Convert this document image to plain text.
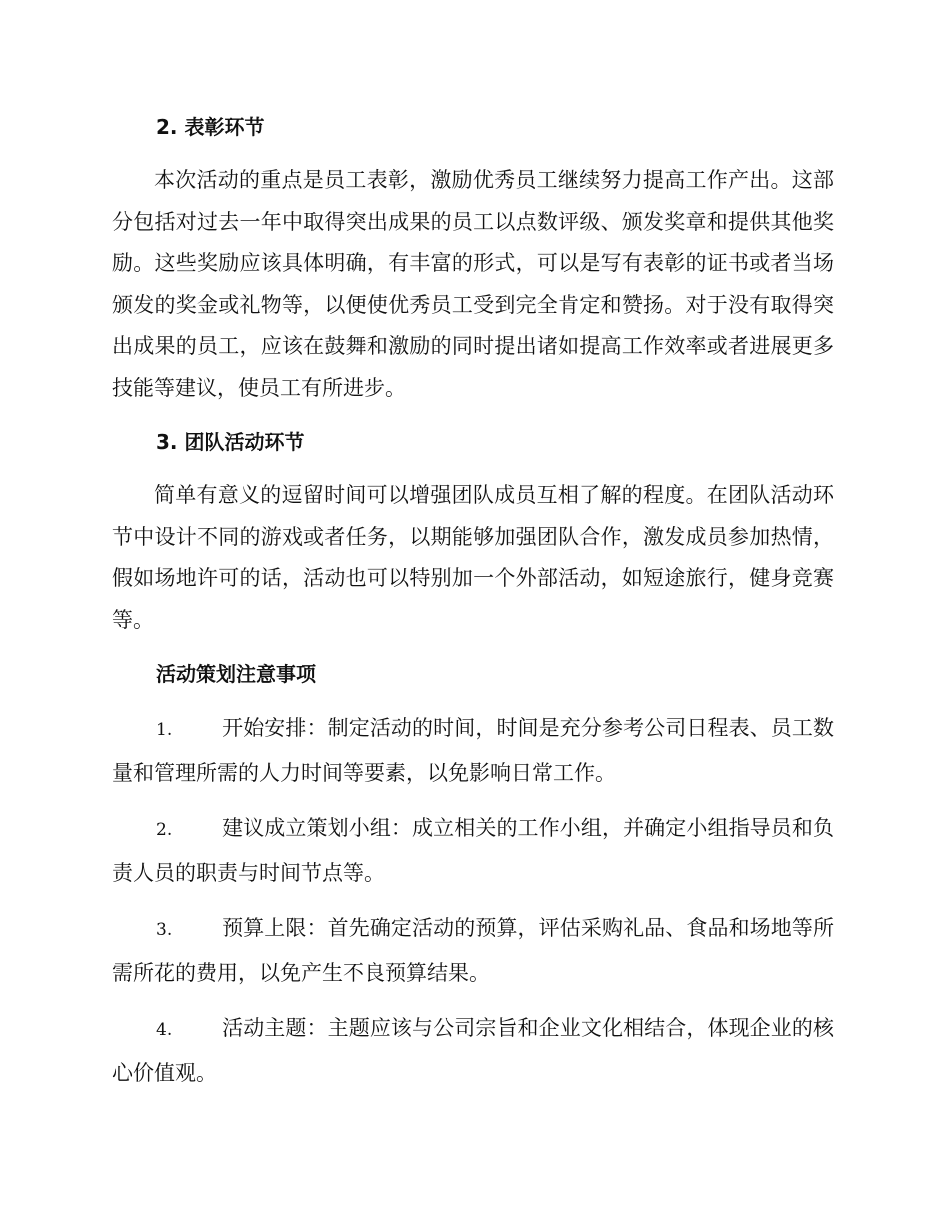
2. 表彰环节

本次活动的重点是员工表彰，激励优秀员工继续努力提高工作产出。这部分包括对过去一年中取得突出成果的员工以点数评级、颁发奖章和提供其他奖励。这些奖励应该具体明确，有丰富的形式，可以是写有表彰的证书或者当场颁发的奖金或礼物等，以便使优秀员工受到完全肯定和赞扬。对于没有取得突出成果的员工，应该在鼓舞和激励的同时提出诸如提高工作效率或者进展更多技能等建议，使员工有所进步。

3. 团队活动环节

简单有意义的逗留时间可以增强团队成员互相了解的程度。在团队活动环节中设计不同的游戏或者任务，以期能够加强团队合作，激发成员参加热情，假如场地许可的话，活动也可以特别加一个外部活动，如短途旅行，健身竞赛等。

活动策划注意事项

1. 开始安排：制定活动的时间，时间是充分参考公司日程表、员工数量和管理所需的人力时间等要素，以免影响日常工作。

2. 建议成立策划小组：成立相关的工作小组，并确定小组指导员和负责人员的职责与时间节点等。

3. 预算上限：首先确定活动的预算，评估采购礼品、食品和场地等所需所花的费用，以免产生不良预算结果。

4. 活动主题：主题应该与公司宗旨和企业文化相结合，体现企业的核心价值观。
